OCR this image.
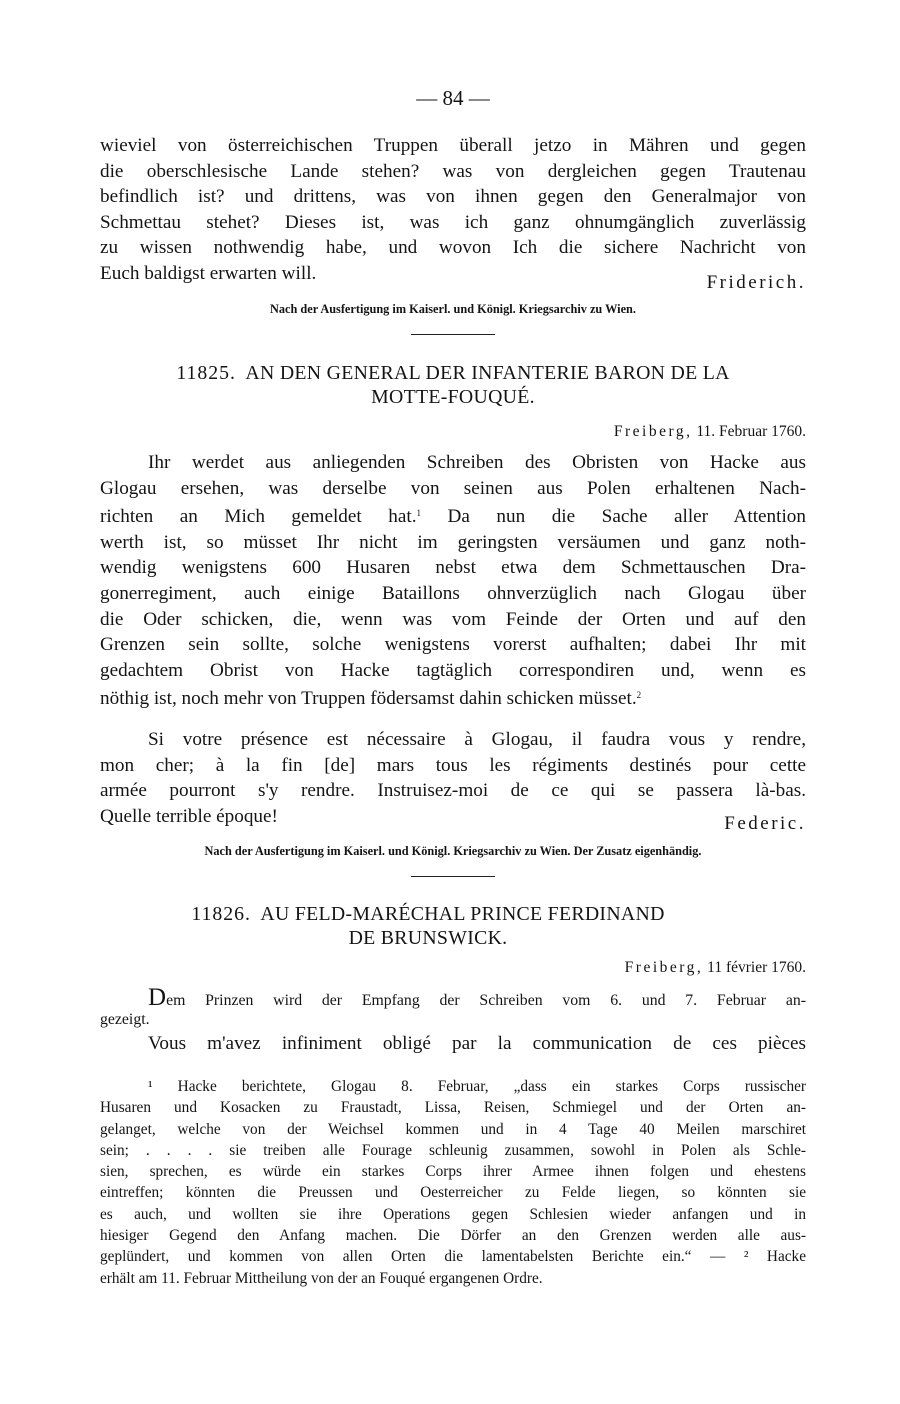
— 84 —
wieviel von österreichischen Truppen überall jetzo in Mähren und gegen
die oberschlesische Lande stehen? was von dergleichen gegen Trautenau
befindlich ist? und drittens, was von ihnen gegen den Generalmajor von
Schmettau stehet? Dieses ist, was ich ganz ohnumgänglich zuverlässig
zu wissen nothwendig habe, und wovon Ich die sichere Nachricht von
Euch baldigst erwarten will.	Friderich.
Nach der Ausfertigung im Kaiserl. und Königl. Kriegsarchiv zu Wien.
11825. AN DEN GENERAL DER INFANTERIE BARON DE LA
MOTTE-FOUQUÉ.
Freiberg, 11. Februar 1760.
Ihr werdet aus anliegenden Schreiben des Obristen von Hacke aus
Glogau ersehen, was derselbe von seinen aus Polen erhaltenen Nach-
richten an Mich gemeldet hat.$^1$ Da nun die Sache aller Attention
werth ist, so müsset Ihr nicht im geringsten versäumen und ganz noth-
wendig wenigstens 600 Husaren nebst etwa dem Schmettauschen Dra-
gonerregiment, auch einige Bataillons ohnverzüglich nach Glogau über
die Oder schicken, die, wenn was vom Feinde der Orten und auf den
Grenzen sein sollte, solche wenigstens vorerst aufhalten; dabei Ihr mit
gedachtem Obrist von Hacke tagtäglich correspondiren und, wenn es
nöthig ist, noch mehr von Truppen födersamst dahin schicken müsset.$^2$
Si votre présence est nécessaire à Glogau, il faudra vous y rendre,
mon cher; à la fin [de] mars tous les régiments destinés pour cette
armée pourront s'y rendre. Instruisez-moi de ce qui se passera là-bas.
Quelle terrible époque!	Federic.
Nach der Ausfertigung im Kaiserl. und Königl. Kriegsarchiv zu Wien. Der Zusatz eigenhändig.
11826. AU FELD-MARÉCHAL PRINCE FERDINAND
DE BRUNSWICK.
Freiberg, 11 février 1760.
Dem Prinzen wird der Empfang der Schreiben vom 6. und 7. Februar an-
gezeigt.
Vous m'avez infiniment obligé par la communication de ces pièces
¹ Hacke berichtete, Glogau 8. Februar, „dass ein starkes Corps russischer
Husaren und Kosacken zu Fraustadt, Lissa, Reisen, Schmiegel und der Orten an-
gelanget, welche von der Weichsel kommen und in 4 Tage 40 Meilen marschiret
sein; . . . . sie treiben alle Fourage schleunig zusammen, sowohl in Polen als Schle-
sien, sprechen, es würde ein starkes Corps ihrer Armee ihnen folgen und ehestens
eintreffen; könnten die Preussen und Oesterreicher zu Felde liegen, so könnten sie
es auch, und wollten sie ihre Operations gegen Schlesien wieder anfangen und in
hiesiger Gegend den Anfang machen. Die Dörfer an den Grenzen werden alle aus-
geplündert, und kommen von allen Orten die lamentabelsten Berichte ein.“ — ² Hacke
erhält am 11. Februar Mittheilung von der an Fouqué ergangenen Ordre.
